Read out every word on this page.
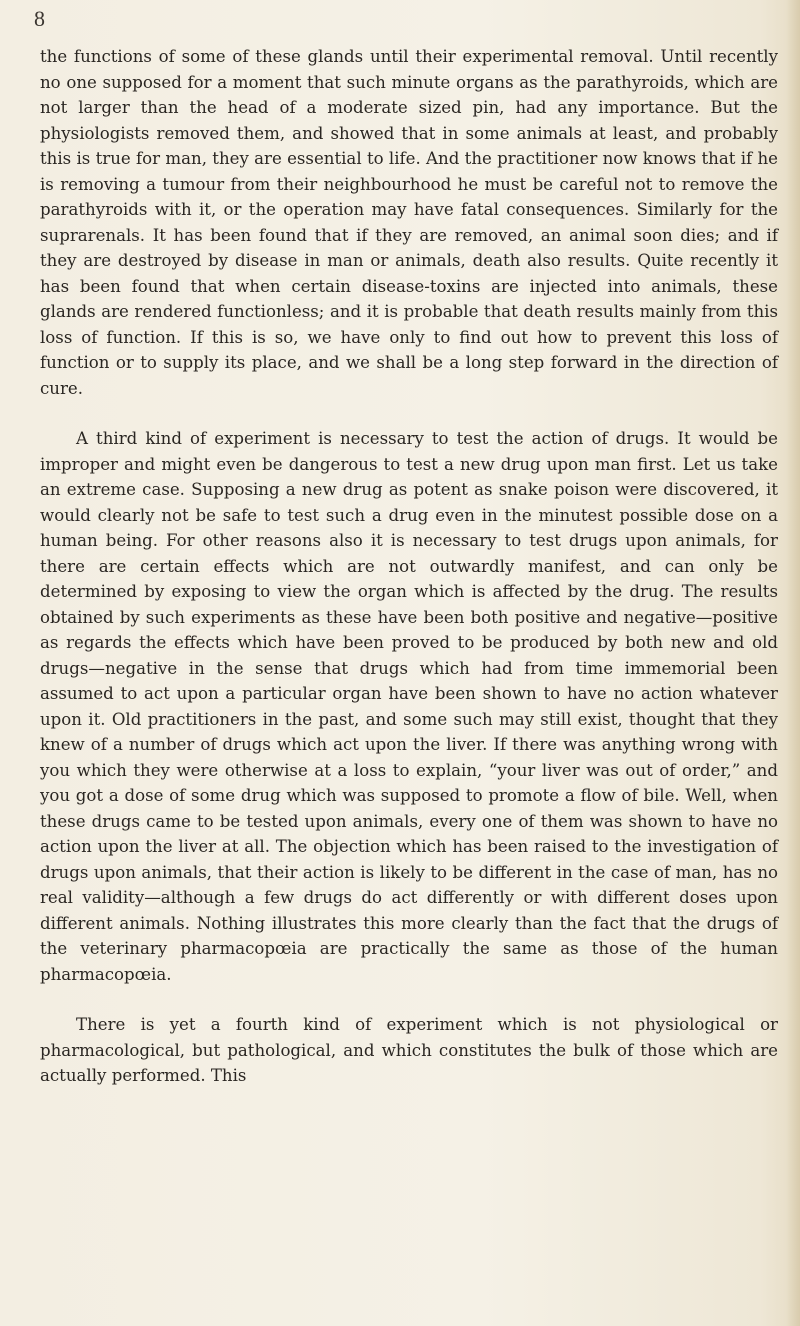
8

the functions of some of these glands until their experimental removal. Until recently no one supposed for a moment that such minute organs as the parathyroids, which are not larger than the head of a moderate sized pin, had any importance. But the physiologists removed them, and showed that in some animals at least, and probably this is true for man, they are essential to life. And the practitioner now knows that if he is removing a tumour from their neighbourhood he must be careful not to remove the parathyroids with it, or the operation may have fatal consequences. Similarly for the suprarenals. It has been found that if they are removed, an animal soon dies; and if they are destroyed by disease in man or animals, death also results. Quite recently it has been found that when certain disease-toxins are injected into animals, these glands are rendered functionless; and it is probable that death results mainly from this loss of function. If this is so, we have only to find out how to prevent this loss of function or to supply its place, and we shall be a long step forward in the direction of cure.

A third kind of experiment is necessary to test the action of drugs. It would be improper and might even be dangerous to test a new drug upon man first. Let us take an extreme case. Supposing a new drug as potent as snake poison were discovered, it would clearly not be safe to test such a drug even in the minutest possible dose on a human being. For other reasons also it is necessary to test drugs upon animals, for there are certain effects which are not outwardly manifest, and can only be determined by exposing to view the organ which is affected by the drug. The results obtained by such experiments as these have been both positive and negative—positive as regards the effects which have been proved to be produced by both new and old drugs—negative in the sense that drugs which had from time immemorial been assumed to act upon a particular organ have been shown to have no action whatever upon it. Old practitioners in the past, and some such may still exist, thought that they knew of a number of drugs which act upon the liver. If there was anything wrong with you which they were otherwise at a loss to explain, “your liver was out of order,” and you got a dose of some drug which was supposed to promote a flow of bile. Well, when these drugs came to be tested upon animals, every one of them was shown to have no action upon the liver at all. The objection which has been raised to the investigation of drugs upon animals, that their action is likely to be different in the case of man, has no real validity—although a few drugs do act differently or with different doses upon different animals. Nothing illustrates this more clearly than the fact that the drugs of the veterinary pharmacopœia are practically the same as those of the human pharmacopœia.

There is yet a fourth kind of experiment which is not physiological or pharmacological, but pathological, and which constitutes the bulk of those which are actually performed. This
